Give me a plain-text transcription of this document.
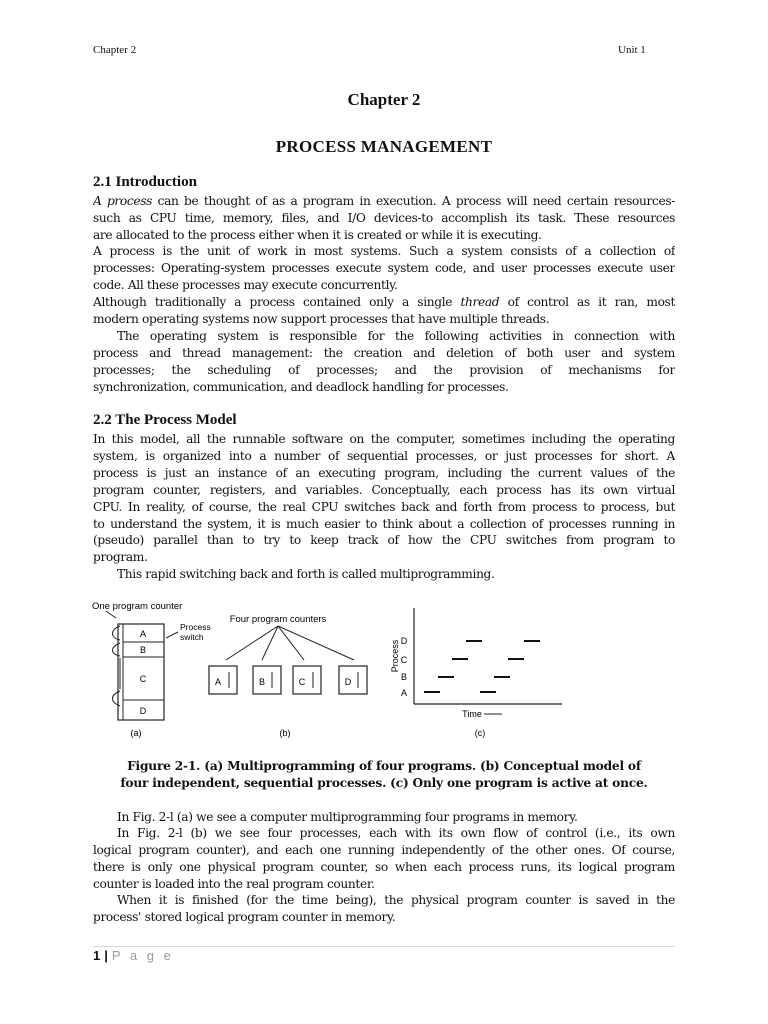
Chapter 2	Unit 1
Chapter 2
PROCESS MANAGEMENT
2.1 Introduction
A process can be thought of as a program in execution. A process will need certain resources-
such as CPU time, memory, files, and I/O devices-to accomplish its task. These resources
are allocated to the process either when it is created or while it is executing.
A process is the unit of work in most systems. Such a system consists of a collection of
processes: Operating-system processes execute system code, and user processes execute user
code. All these processes may execute concurrently.
Although traditionally a process contained only a single thread of control as it ran, most
modern operating systems now support processes that have multiple threads.
The operating system is responsible for the following activities in connection with
process and thread management: the creation and deletion of both user and system
processes; the scheduling of processes; and the provision of mechanisms for
synchronization, communication, and deadlock handling for processes.
2.2 The Process Model
In this model, all the runnable software on the computer, sometimes including the operating
system, is organized into a number of sequential processes, or just processes for short. A
process is just an instance of an executing program, including the current values of the
program counter, registers, and variables. Conceptually, each process has its own virtual
CPU. In reality, of course, the real CPU switches back and forth from process to process, but
to understand the system, it is much easier to think about a collection of processes running in
(pseudo) parallel than to try to keep track of how the CPU switches from program to
program.
This rapid switching back and forth is called multiprogramming.
One program counter
A
B
C
D
Process
switch
(a)
Four program counters
A	B	C	D
(b)
Process D
C
B
A
Time
(c)
Figure 2-1. (a) Multiprogramming of four programs. (b) Conceptual model of
four independent, sequential processes. (c) Only one program is active at once.
In Fig. 2-l (a) we see a computer multiprogramming four programs in memory.
In Fig. 2-l (b) we see four processes, each with its own flow of control (i.e., its own
logical program counter), and each one running independently of the other ones. Of course,
there is only one physical program counter, so when each process runs, its logical program
counter is loaded into the real program counter.
When it is finished (for the time being), the physical program counter is saved in the
process' stored logical program counter in memory.
1 | P a g e
